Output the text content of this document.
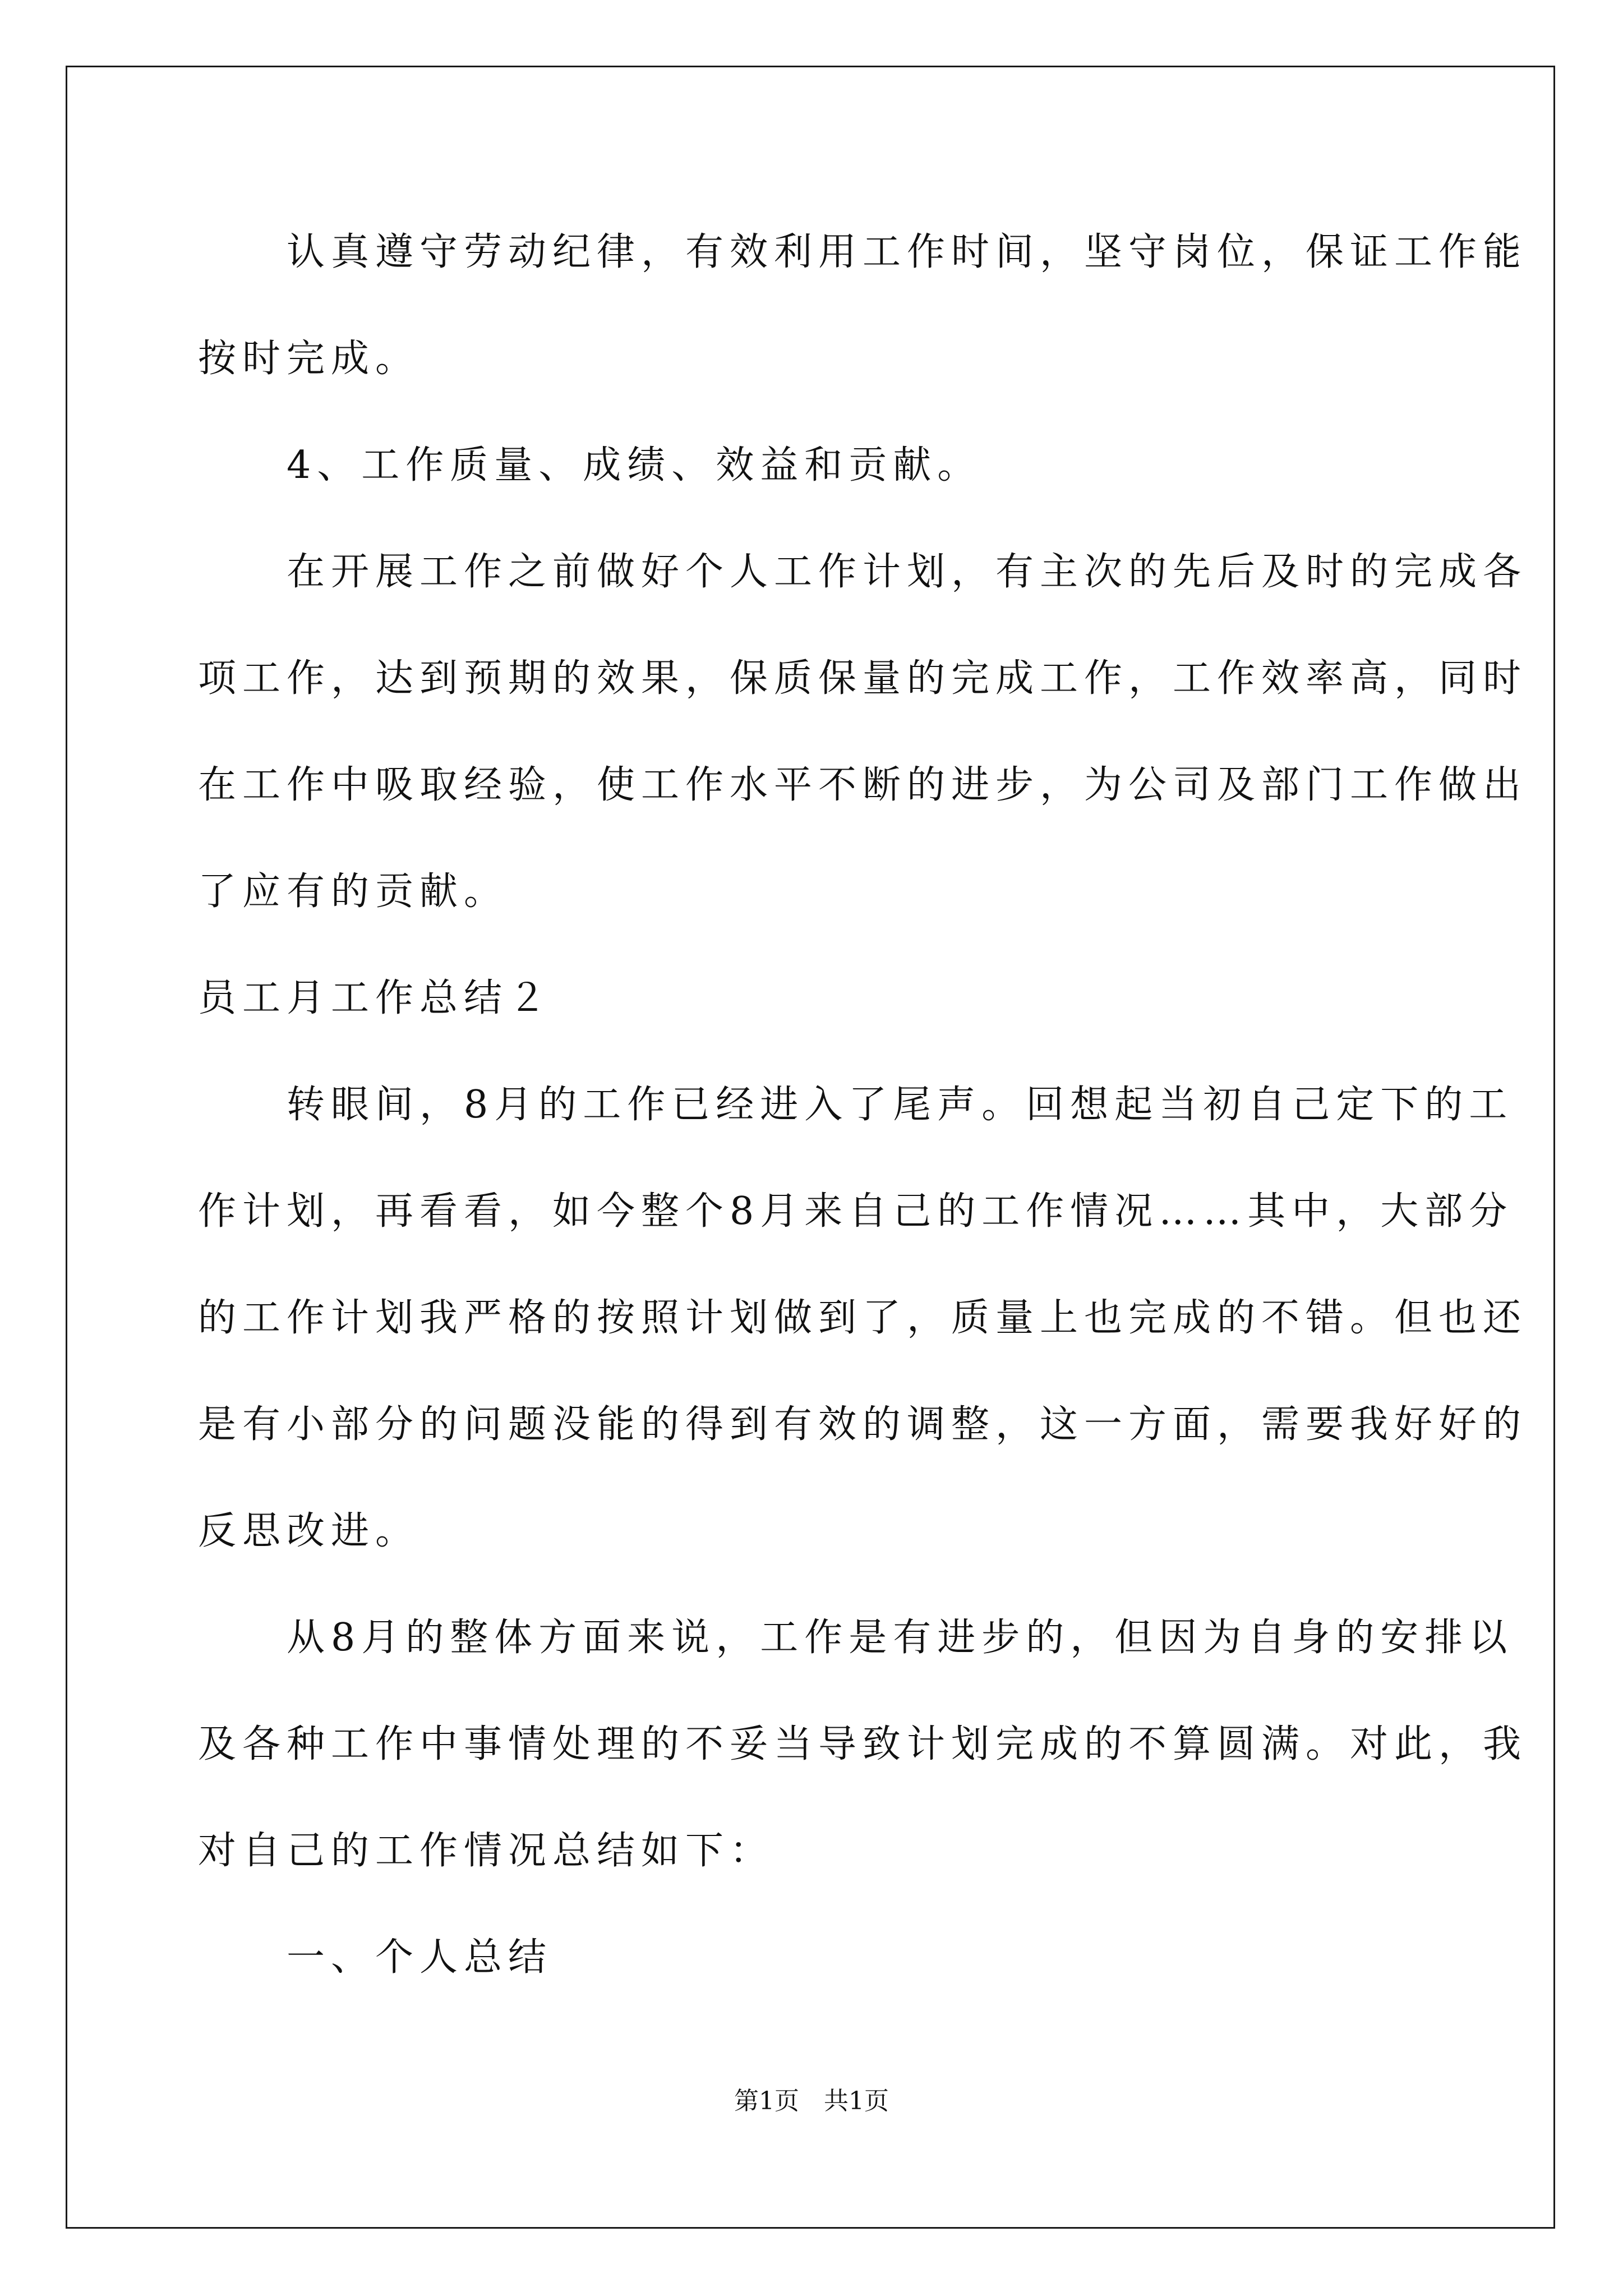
　　认真遵守劳动纪律，有效利用工作时间，坚守岗位，保证工作能

按时完成。

　　4、工作质量、成绩、效益和贡献。

　　在开展工作之前做好个人工作计划，有主次的先后及时的完成各

项工作，达到预期的效果，保质保量的完成工作，工作效率高，同时

在工作中吸取经验，使工作水平不断的进步，为公司及部门工作做出

了应有的贡献。

员工月工作总结２

　　转眼间，8月的工作已经进入了尾声。回想起当初自己定下的工

作计划，再看看，如今整个8月来自己的工作情况……其中，大部分

的工作计划我严格的按照计划做到了，质量上也完成的不错。但也还

是有小部分的问题没能的得到有效的调整，这一方面，需要我好好的

反思改进。

　　从8月的整体方面来说，工作是有进步的，但因为自身的安排以

及各种工作中事情处理的不妥当导致计划完成的不算圆满。对此，我

对自己的工作情况总结如下：

　　一、个人总结

第1页　共1页
